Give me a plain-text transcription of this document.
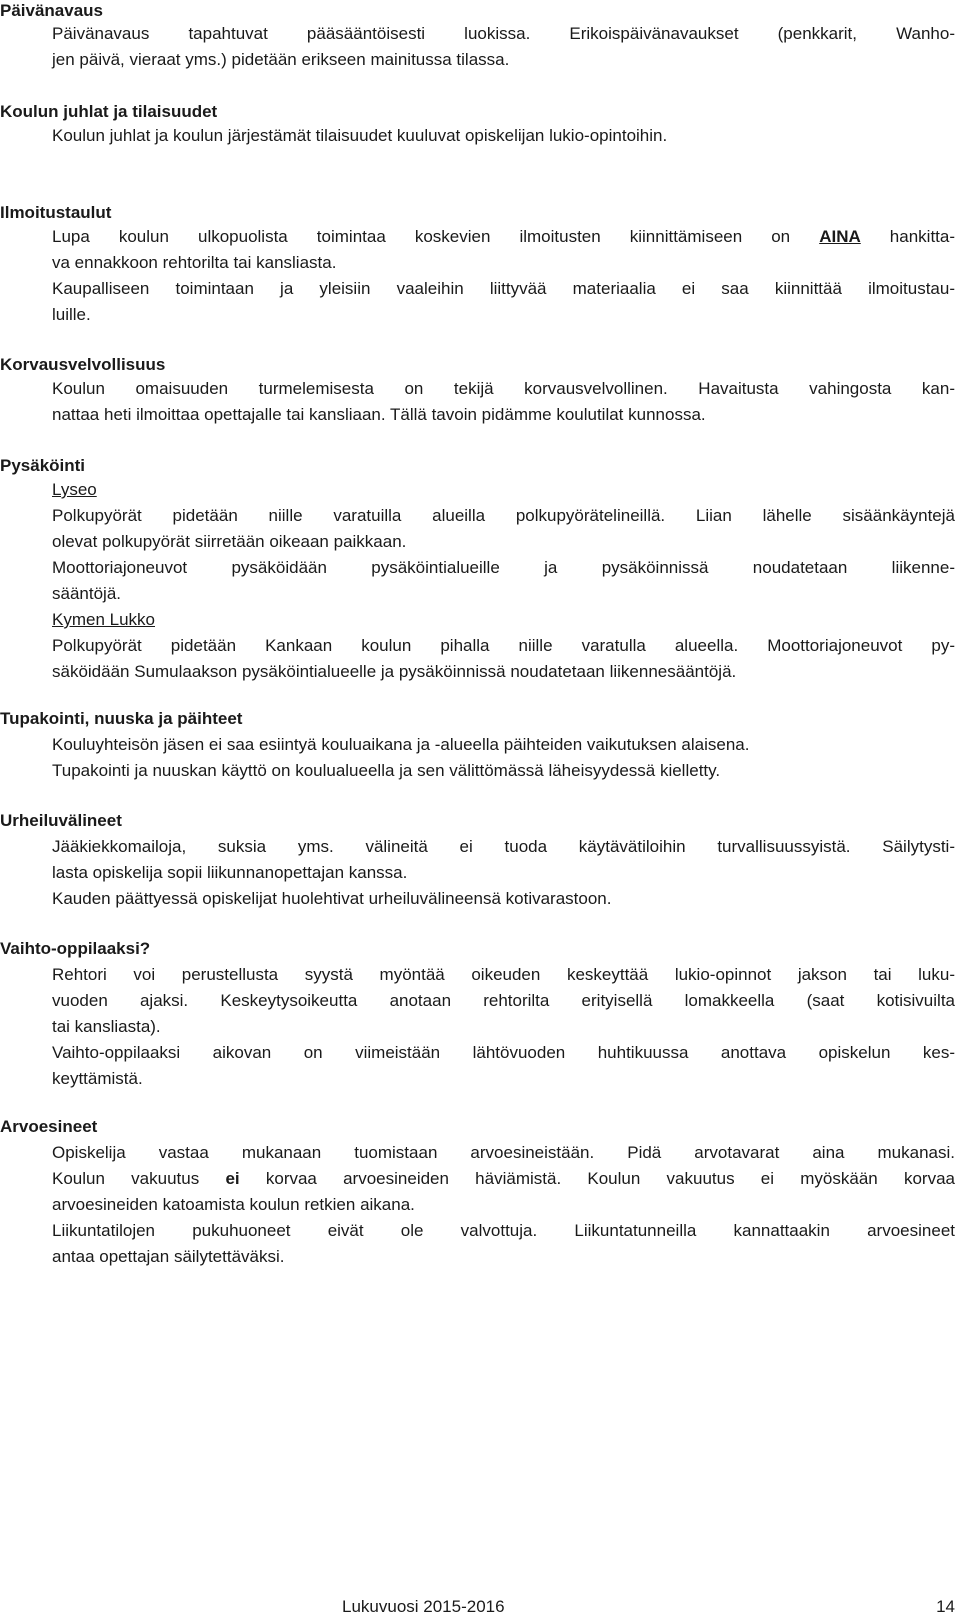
Päivänavaus
Päivänavaus tapahtuvat pääsääntöisesti luokissa. Erikoispäivänavaukset (penkkarit, Wanho-
jen päivä, vieraat yms.) pidetään erikseen mainitussa tilassa.
Koulun juhlat ja tilaisuudet
Koulun juhlat ja koulun järjestämät tilaisuudet kuuluvat opiskelijan lukio-opintoihin.
Ilmoitustaulut
Lupa koulun ulkopuolista toimintaa koskevien ilmoitusten kiinnittämiseen on AINA hankitta-
va ennakkoon rehtorilta tai kansliasta.
Kaupalliseen toimintaan ja yleisiin vaaleihin liittyvää materiaalia ei saa kiinnittää ilmoitustau-
luille.
Korvausvelvollisuus
Koulun omaisuuden turmelemisesta on tekijä korvausvelvollinen. Havaitusta vahingosta kan-
nattaa heti ilmoittaa opettajalle tai kansliaan. Tällä tavoin pidämme koulutilat kunnossa.
Pysäköinti
Lyseo
Polkupyörät pidetään niille varatuilla alueilla polkupyörätelineillä. Liian lähelle sisäänkäyntejä
olevat polkupyörät siirretään oikeaan paikkaan.
Moottoriajoneuvot pysäköidään pysäköintialueille ja pysäköinnissä noudatetaan liikenne-
sääntöjä.
Kymen Lukko
Polkupyörät pidetään Kankaan koulun pihalla niille varatulla alueella. Moottoriajoneuvot py-
säköidään Sumulaakson pysäköintialueelle ja pysäköinnissä noudatetaan liikennesääntöjä.
Tupakointi, nuuska ja päihteet
Kouluyhteisön jäsen ei saa esiintyä kouluaikana ja -alueella päihteiden vaikutuksen alaisena.
Tupakointi ja nuuskan käyttö on koulualueella ja sen välittömässä läheisyydessä kielletty.
Urheiluvälineet
Jääkiekkomailoja, suksia yms. välineitä ei tuoda käytävätiloihin turvallisuussyistä. Säilytysti-
lasta opiskelija sopii liikunnanopettajan kanssa.
Kauden päättyessä opiskelijat huolehtivat urheiluvälineensä kotivarastoon.
Vaihto-oppilaaksi?
Rehtori voi perustellusta syystä myöntää oikeuden keskeyttää lukio-opinnot jakson tai luku-
vuoden ajaksi. Keskeytysoikeutta anotaan rehtorilta erityisellä lomakkeella (saat kotisivuilta
tai kansliasta).
Vaihto-oppilaaksi aikovan on viimeistään lähtövuoden huhtikuussa anottava opiskelun kes-
keyttämistä.
Arvoesineet
Opiskelija vastaa mukanaan tuomistaan arvoesineistään. Pidä arvotavarat aina mukanasi.
Koulun vakuutus ei korvaa arvoesineiden häviämistä. Koulun vakuutus ei myöskään korvaa
arvoesineiden katoamista koulun retkien aikana.
Liikuntatilojen pukuhuoneet eivät ole valvottuja. Liikuntatunneilla kannattaakin arvoesineet
antaa opettajan säilytettäväksi.
Lukuvuosi 2015-2016	14
